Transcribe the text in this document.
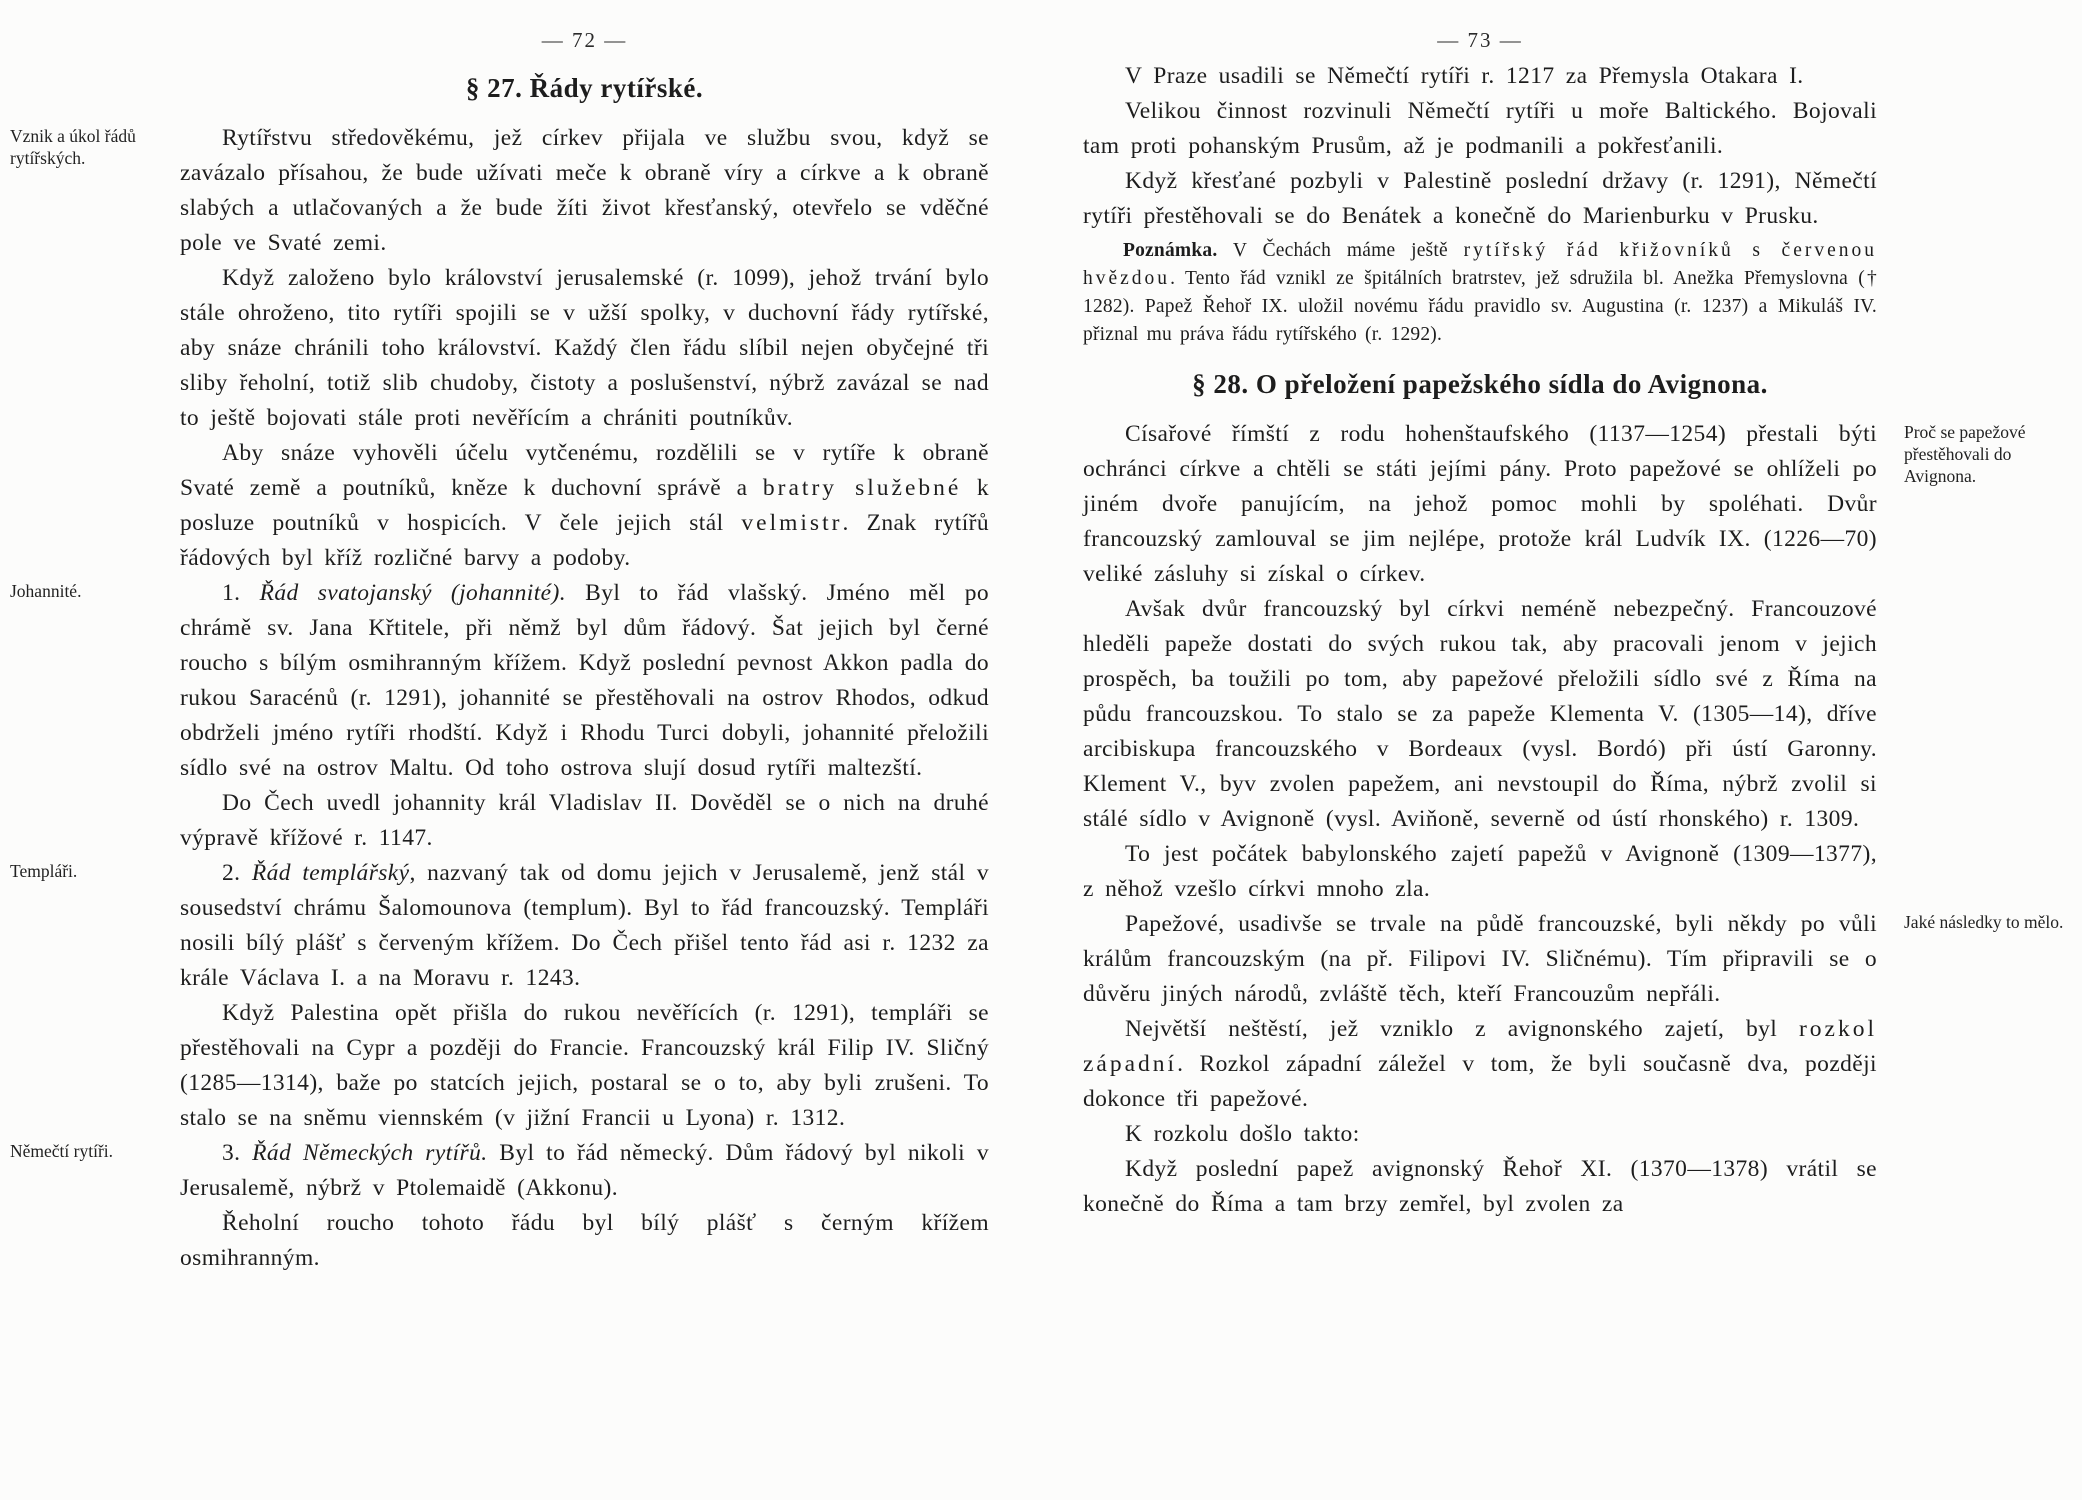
— 72 —
§ 27. Řády rytířské.

Rytířstvu středověkému, jež církev přijala ve službu svou, když se zavázalo přísahou, že bude užívati meče k obraně víry a církve a k obraně slabých a utlačovaných a že bude žíti život křesťanský, otevřelo se vděčné pole ve Svaté zemi.
Vznik a úkol řádů rytířských.

Když založeno bylo království jerusalemské (r. 1099), jehož trvání bylo stále ohroženo, tito rytíři spojili se v užší spolky, v duchovní řády rytířské, aby snáze chránili toho království. Každý člen řádu slíbil nejen obyčejné tři sliby řeholní, totiž slib chudoby, čistoty a poslušenství, nýbrž zavázal se nad to ještě bojovati stále proti nevěřícím a chrániti poutníkův.

Aby snáze vyhověli účelu vytčenému, rozdělili se v rytíře k obraně Svaté země a poutníků, kněze k duchovní správě a bratry služebné k posluze poutníků v hospicích. V čele jejich stál velmistr. Znak rytířů řádových byl kříž rozličné barvy a podoby.

1. Řád svatojanský (johannité). Byl to řád vlašský. Jméno měl po chrámě sv. Jana Křtitele, při němž byl dům řádový. Šat jejich byl černé roucho s bílým osmihranným křížem. Když poslední pevnost Akkon padla do rukou Saracénů (r. 1291), johannité se přestěhovali na ostrov Rhodos, odkud obdrželi jméno rytíři rhodští. Když i Rhodu Turci dobyli, johannité přeložili sídlo své na ostrov Maltu. Od toho ostrova slují dosud rytíři maltezští.
Johannité.

Do Čech uvedl johannity král Vladislav II. Dověděl se o nich na druhé výpravě křížové r. 1147.

2. Řád templářský, nazvaný tak od domu jejich v Jerusalemě, jenž stál v sousedství chrámu Šalomounova (templum). Byl to řád francouzský. Templáři nosili bílý plášť s červeným křížem. Do Čech přišel tento řád asi r. 1232 za krále Václava I. a na Moravu r. 1243.
Templáři.

Když Palestina opět přišla do rukou nevěřících (r. 1291), templáři se přestěhovali na Cypr a později do Francie. Francouzský král Filip IV. Sličný (1285—1314), baže po statcích jejich, postaral se o to, aby byli zrušeni. To stalo se na sněmu viennském (v jižní Francii u Lyona) r. 1312.

3. Řád Německých rytířů. Byl to řád německý. Dům řádový byl nikoli v Jerusalemě, nýbrž v Ptolemaidě (Akkonu).
Němečtí rytíři.

Řeholní roucho tohoto řádu byl bílý plášť s černým křížem osmihranným.

— 73 —

V Praze usadili se Němečtí rytíři r. 1217 za Přemysla Otakara I.

Velikou činnost rozvinuli Němečtí rytíři u moře Baltického. Bojovali tam proti pohanským Prusům, až je podmanili a pokřesťanili.

Když křesťané pozbyli v Palestině poslední državy (r. 1291), Němečtí rytíři přestěhovali se do Benátek a konečně do Marienburku v Prusku.

Poznámka. V Čechách máme ještě rytířský řád křižovníků s červenou hvězdou. Tento řád vznikl ze špitálních bratrstev, jež sdružila bl. Anežka Přemyslovna († 1282). Papež Řehoř IX. uložil novému řádu pravidlo sv. Augustina (r. 1237) a Mikuláš IV. přiznal mu práva řádu rytířského (r. 1292).

§ 28. O přeložení papežského sídla do Avignona.

Císařové římští z rodu hohenštaufského (1137—1254) přestali býti ochránci církve a chtěli se státi jejími pány. Proto papežové se ohlíželi po jiném dvoře panujícím, na jehož pomoc mohli by spoléhati. Dvůr francouzský zamlouval se jim nejlépe, protože král Ludvík IX. (1226—70) veliké zásluhy si získal o církev.
Proč se papežové přestěhovali do Avignona.

Avšak dvůr francouzský byl církvi neméně nebezpečný. Francouzové hleděli papeže dostati do svých rukou tak, aby pracovali jenom v jejich prospěch, ba toužili po tom, aby papežové přeložili sídlo své z Říma na půdu francouzskou. To stalo se za papeže Klementa V. (1305—14), dříve arcibiskupa francouzského v Bordeaux (vysl. Bordó) při ústí Garonny. Klement V., byv zvolen papežem, ani nevstoupil do Říma, nýbrž zvolil si stálé sídlo v Avignoně (vysl. Aviňoně, severně od ústí rhonského) r. 1309.

To jest počátek babylonského zajetí papežů v Avignoně (1309—1377), z něhož vzešlo církvi mnoho zla.

Papežové, usadivše se trvale na půdě francouzské, byli někdy po vůli králům francouzským (na př. Filipovi IV. Sličnému). Tím připravili se o důvěru jiných národů, zvláště těch, kteří Francouzům nepřáli.
Jaké následky to mělo.

Největší neštěstí, jež vzniklo z avignonského zajetí, byl rozkol západní. Rozkol západní záležel v tom, že byli současně dva, později dokonce tři papežové.

K rozkolu došlo takto:

Když poslední papež avignonský Řehoř XI. (1370—1378) vrátil se konečně do Říma a tam brzy zemřel, byl zvolen za
